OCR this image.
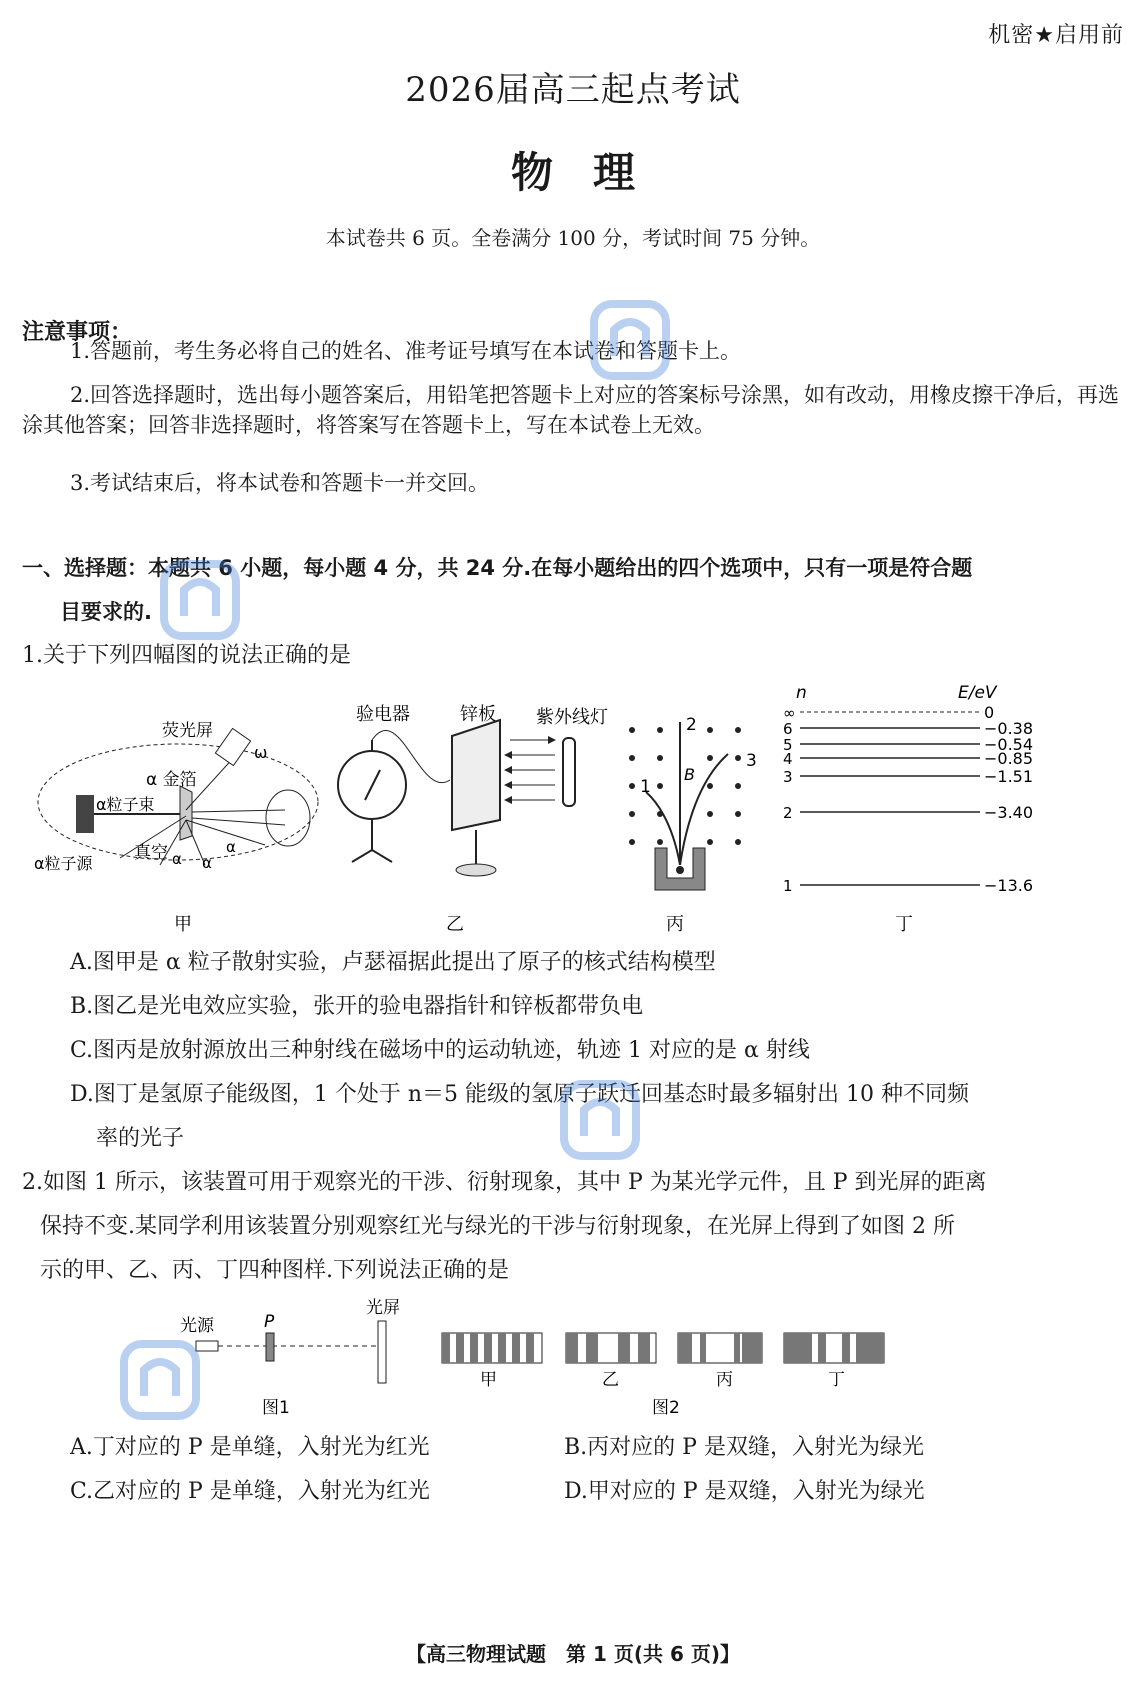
机密★启用前
2026届高三起点考试
物理
本试卷共 6 页。全卷满分 100 分，考试时间 75 分钟。
注意事项：
1.答题前，考生务必将自己的姓名、准考证号填写在本试卷和答题卡上。
2.回答选择题时，选出每小题答案后，用铅笔把答题卡上对应的答案标号涂黑，如有改动，用橡皮擦干净后，再选涂其他答案；回答非选择题时，将答案写在答题卡上，写在本试卷上无效。
3.考试结束后，将本试卷和答题卡一并交回。
一、选择题：本题共 6 小题，每小题 4 分，共 24 分.在每小题给出的四个选项中，只有一项是符合题
目要求的.
1.关于下列四幅图的说法正确的是
荧光屏
α 金箔
α粒子束
α粒子源
真空
ω
α α
α
验电器	锌板 紫外线灯
1
2
3
B
n	E/eV
∞	0
6	−0.38
5	−0.54
4	−0.85
3	−1.51
2	−3.40
1	−13.6
甲	乙	丙	丁
A.图甲是 α 粒子散射实验，卢瑟福据此提出了原子的核式结构模型
B.图乙是光电效应实验，张开的验电器指针和锌板都带负电
C.图丙是放射源放出三种射线在磁场中的运动轨迹，轨迹 1 对应的是 α 射线
D.图丁是氢原子能级图，1 个处于 n＝5 能级的氢原子跃迁回基态时最多辐射出 10 种不同频
率的光子
2.如图 1 所示，该装置可用于观察光的干涉、衍射现象，其中 P 为某光学元件，且 P 到光屏的距离
保持不变.某同学利用该装置分别观察红光与绿光的干涉与衍射现象，在光屏上得到了如图 2 所
示的甲、乙、丙、丁四种图样.下列说法正确的是
光源	P
光屏
图1
甲	乙	丙	丁
图2
A.丁对应的 P 是单缝，入射光为红光	B.丙对应的 P 是双缝，入射光为绿光
C.乙对应的 P 是单缝，入射光为红光	D.甲对应的 P 是双缝，入射光为绿光
【高三物理试题　第 1 页(共 6 页)】
